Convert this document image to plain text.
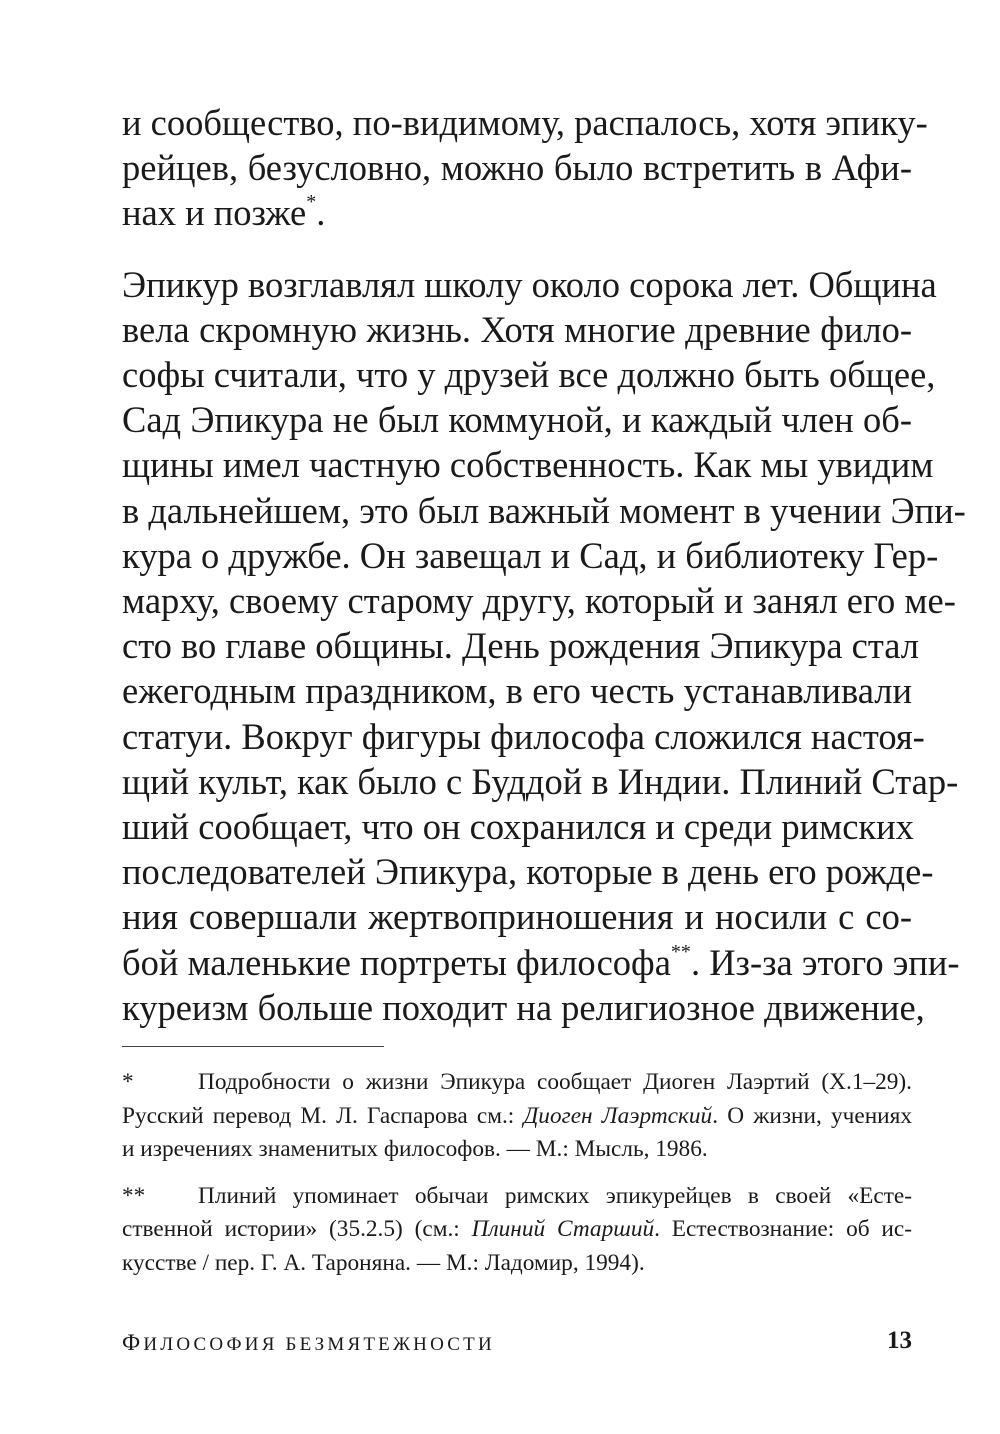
и сообщество, по-видимому, распалось, хотя эпику-
рейцев, безусловно, можно было встретить в Афи-
нах и позже*.

Эпикур возглавлял школу около сорока лет. Община
вела скромную жизнь. Хотя многие древние фило-
софы считали, что у друзей все должно быть общее,
Сад Эпикура не был коммуной, и каждый член об-
щины имел частную собственность. Как мы увидим
в дальнейшем, это был важный момент в учении Эпи-
кура о дружбе. Он завещал и Сад, и библиотеку Гер-
марху, своему старому другу, который и занял его ме-
сто во главе общины. День рождения Эпикура стал
ежегодным праздником, в его честь устанавливали
статуи. Вокруг фигуры философа сложился настоя-
щий культ, как было с Буддой в Индии. Плиний Стар-
ший сообщает, что он сохранился и среди римских
последователей Эпикура, которые в день его рожде-
ния совершали жертвоприношения и носили с со-
бой маленькие портреты философа**. Из-за этого эпи-
куреизм больше походит на религиозное движение,

*	Подробности о жизни Эпикура сообщает Диоген Лаэртий (X.1–29).
Русский перевод М. Л. Гаспарова см.: Диоген Лаэртский. О жизни, учениях
и изречениях знаменитых философов. — М.: Мысль, 1986.
** Плиний упоминает обычаи римских эпикурейцев в своей «Есте-
ственной истории» (35.2.5) (см.: Плиний Старший. Естествознание: об ис-
кусстве / пер. Г. А. Тароняна. — М.: Ладомир, 1994).
ФИЛОСОФИЯ БЕЗМЯТЕЖНОСТИ	13
